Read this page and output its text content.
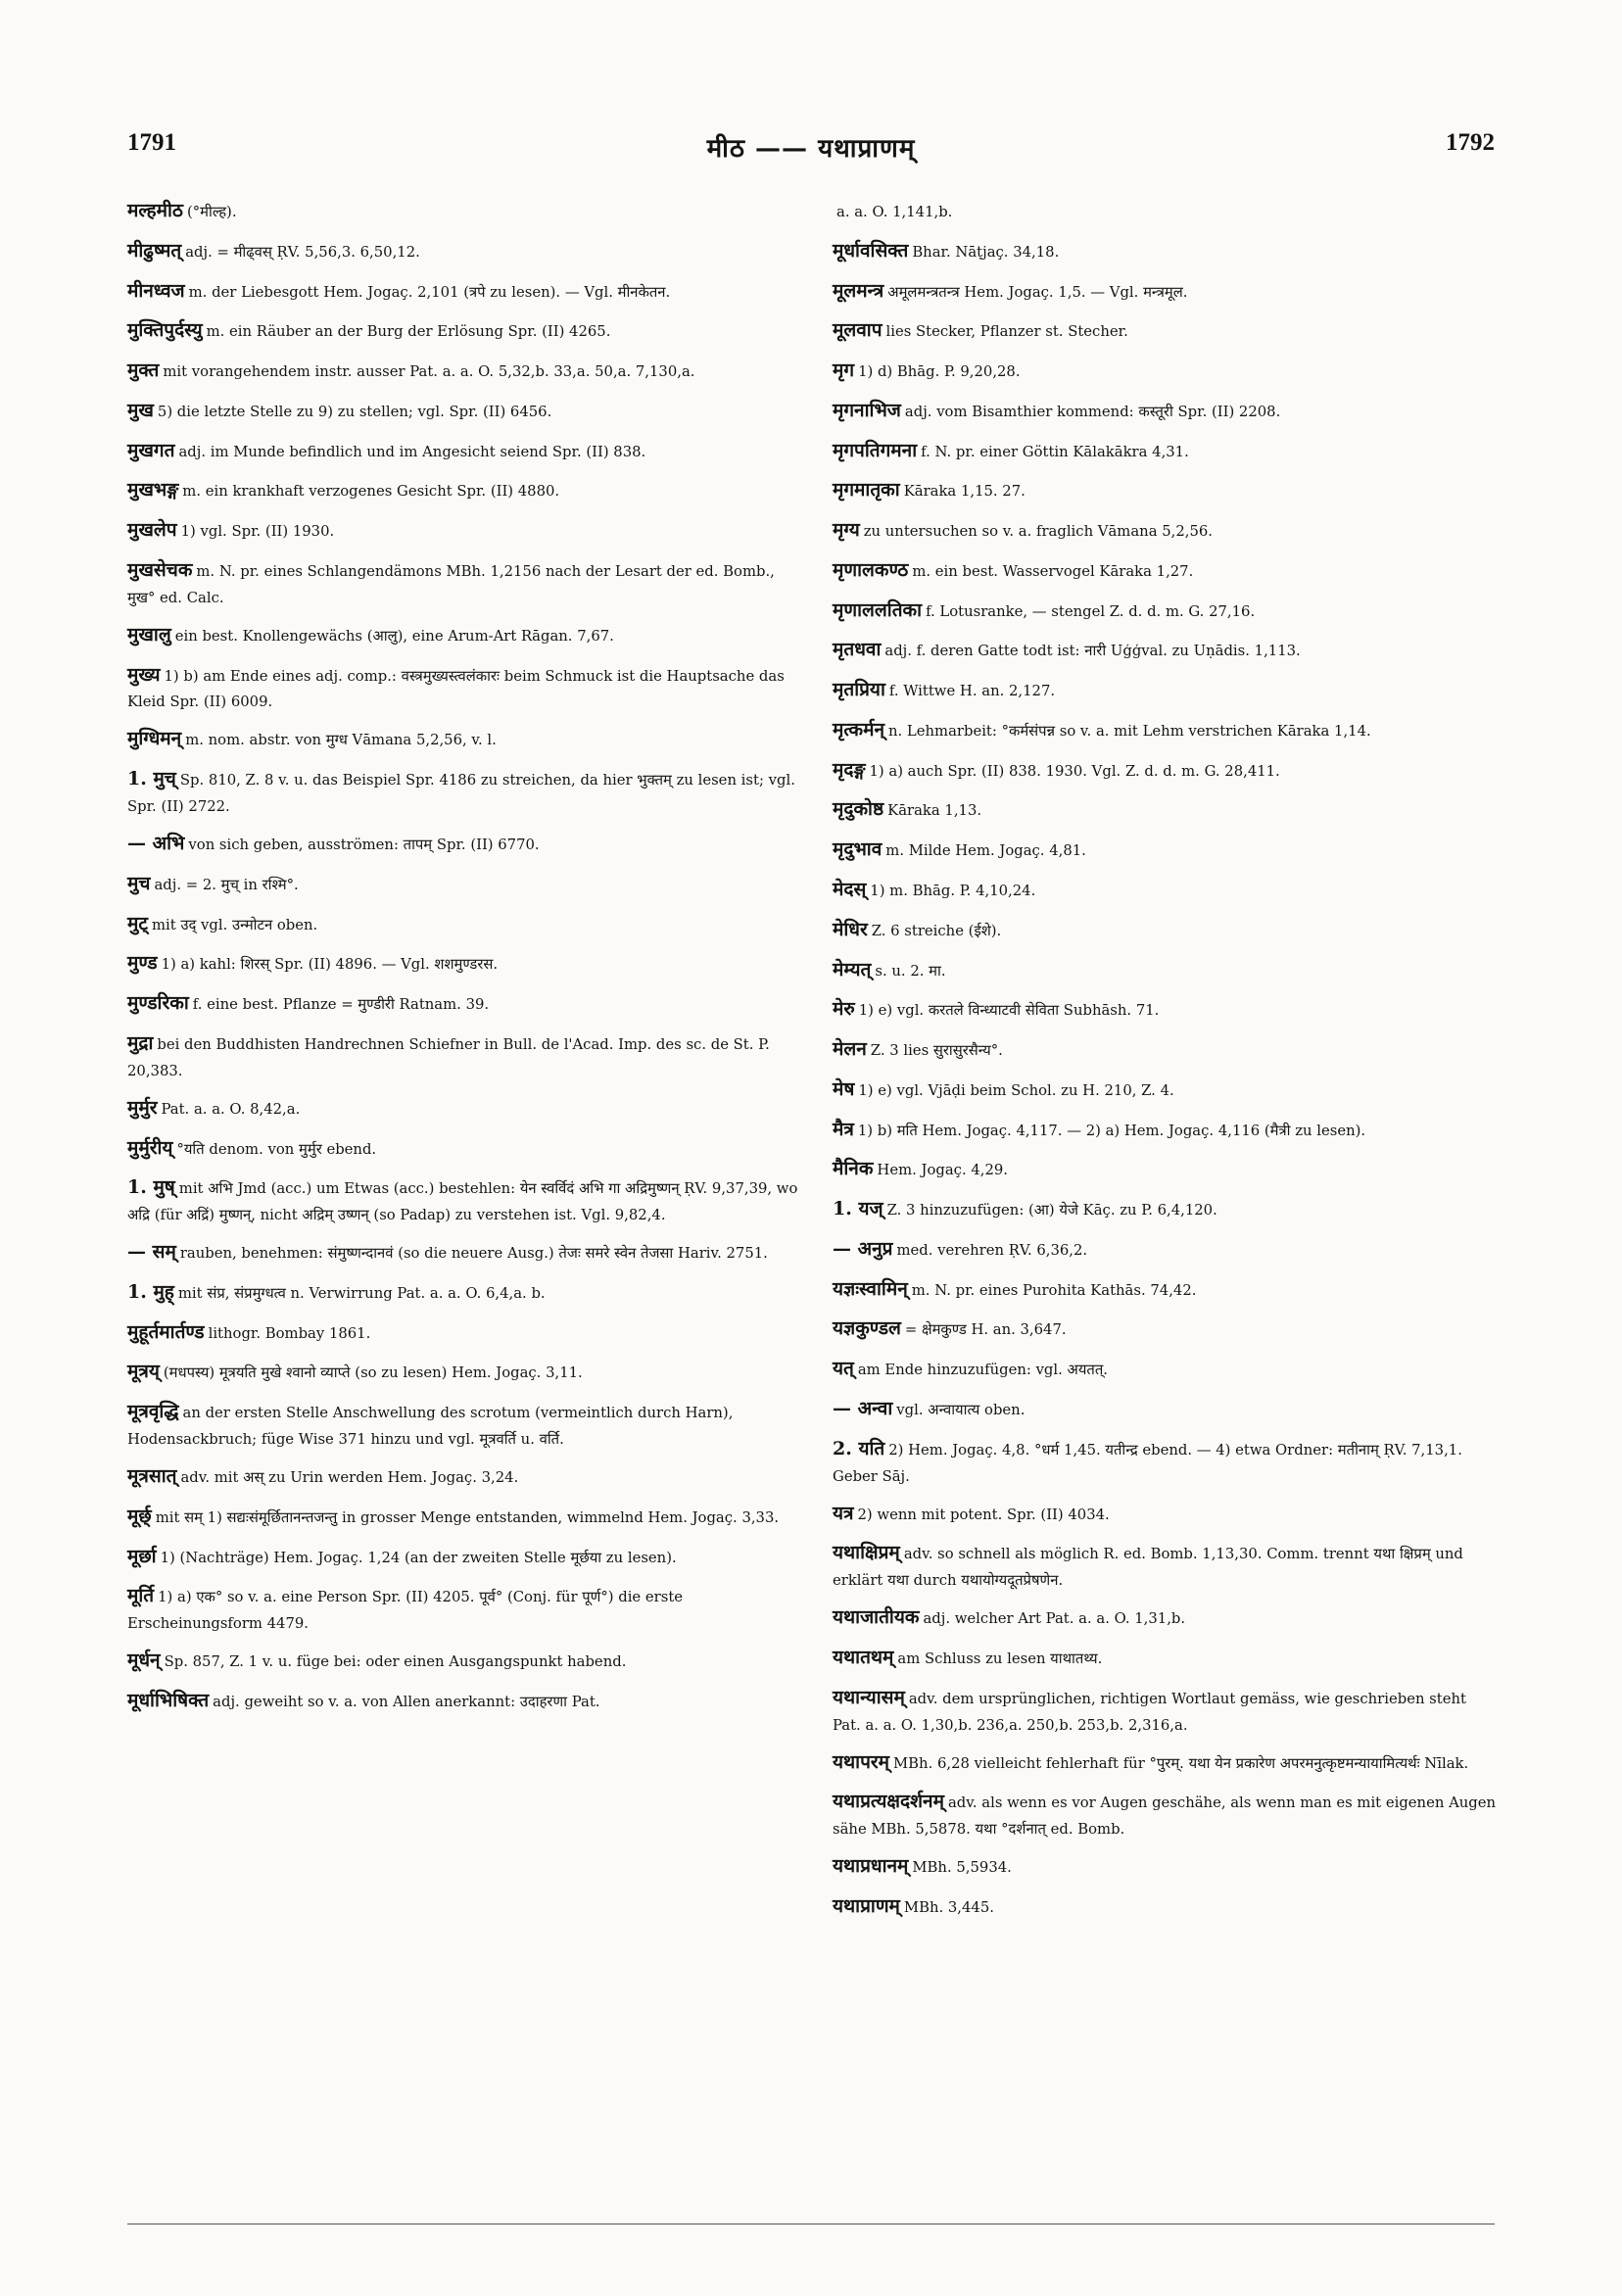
1791	मीठ —— यथाप्राणम्	1792

मल्हमीठ (°मील्ह).

मीढुष्मत् adj. = मीढ्वस् ṚV. 5,56,3. 6,50,12.

मीनध्वज m. der Liebesgott Hem. Jogaç. 2,101 (त्रपे zu lesen). — Vgl. मीनकेतन.

मुक्तिपुर्दस्यु m. ein Räuber an der Burg der Erlösung Spr. (II) 4265.

मुक्त mit vorangehendem instr. ausser Pat. a. a. O. 5,32,b. 33,a. 50,a. 7,130,a.

मुख 5) die letzte Stelle zu 9) zu stellen; vgl. Spr. (II) 6456.

मुखगत adj. im Munde befindlich und im Angesicht seiend Spr. (II) 838.

मुखभङ्ग m. ein krankhaft verzogenes Gesicht Spr. (II) 4880.

मुखलेप 1) vgl. Spr. (II) 1930.

मुखसेचक m. N. pr. eines Schlangendämons MBh. 1,2156 nach der Lesart der ed. Bomb., मुख° ed. Calc.

मुखालु ein best. Knollengewächs (आलु), eine Arum-Art Rāgan. 7,67.

मुख्य 1) b) am Ende eines adj. comp.: वस्त्रमुख्यस्त्वलंकारः beim Schmuck ist die Hauptsache das Kleid Spr. (II) 6009.

मुग्धिमन् m. nom. abstr. von मुग्ध Vāmana 5,2,56, v. l.

1. मुच् Sp. 810, Z. 8 v. u. das Beispiel Spr. 4186 zu streichen, da hier भुक्तम् zu lesen ist; vgl. Spr. (II) 2722.

— अभि von sich geben, ausströmen: तापम् Spr. (II) 6770.

मुच adj. = 2. मुच् in रश्मि°.

मुट् mit उद् vgl. उन्मोटन oben.

मुण्ड 1) a) kahl: शिरस् Spr. (II) 4896. — Vgl. शशमुण्डरस.

मुण्डरिका f. eine best. Pflanze = मुण्डीरी Ratnam. 39.

मुद्रा bei den Buddhisten Handrechnen Schiefner in Bull. de l'Acad. Imp. des sc. de St. P. 20,383.

मुर्मुर Pat. a. a. O. 8,42,a.

मुर्मुरीय् °यति denom. von मुर्मुर ebend.

1. मुष् mit अभि Jmd (acc.) um Etwas (acc.) bestehlen: येन स्वर्विदं अभि गा अद्रिमुष्णन् ṚV. 9,37,39, wo अद्रि (für अद्रिं) मुष्णन्, nicht अद्रिम् उष्णन् (so Padap) zu verstehen ist. Vgl. 9,82,4.

— सम् rauben, benehmen: संमुष्णन्दानवं (so die neuere Ausg.) तेजः समरे स्वेन तेजसा Hariv. 2751.

1. मुह् mit संप्र, संप्रमुग्धत्व n. Verwirrung Pat. a. a. O. 6,4,a. b.

मुहूर्तमार्तण्ड lithogr. Bombay 1861.

मूत्रय् (मधपस्य) मूत्रयति मुखे श्वानो व्याप्ते (so zu lesen) Hem. Jogaç. 3,11.

मूत्रवृद्धि an der ersten Stelle Anschwellung des scrotum (vermeintlich durch Harn), Hodensackbruch; füge Wise 371 hinzu und vgl. मूत्रवर्ति u. वर्ति.

मूत्रसात् adv. mit अस् zu Urin werden Hem. Jogaç. 3,24.

मूर्छ् mit सम् 1) सद्यःसंमूर्छितानन्तजन्तु in grosser Menge entstanden, wimmelnd Hem. Jogaç. 3,33.

मूर्छा 1) (Nachträge) Hem. Jogaç. 1,24 (an der zweiten Stelle मूर्छया zu lesen).

मूर्ति 1) a) एक° so v. a. eine Person Spr. (II) 4205. पूर्व° (Conj. für पूर्ण°) die erste Erscheinungsform 4479.

मूर्धन् Sp. 857, Z. 1 v. u. füge bei: oder einen Ausgangspunkt habend.

मूर्धाभिषिक्त adj. geweiht so v. a. von Allen anerkannt: उदाहरणा Pat.

a. a. O. 1,141,b.

मूर्धावसिक्त Bhar. Nāṭjaç. 34,18.

मूलमन्त्र अमूलमन्त्रतन्त्र Hem. Jogaç. 1,5. — Vgl. मन्त्रमूल.

मूलवाप lies Stecker, Pflanzer st. Stecher.

मृग 1) d) Bhāg. P. 9,20,28.

मृगनाभिज adj. vom Bisamthier kommend: कस्तूरी Spr. (II) 2208.

मृगपतिगमना f. N. pr. einer Göttin Kālakākra 4,31.

मृगमातृका Kāraka 1,15. 27.

मृग्य zu untersuchen so v. a. fraglich Vāmana 5,2,56.

मृणालकण्ठ m. ein best. Wasservogel Kāraka 1,27.

मृणाललतिका f. Lotusranke, — stengel Z. d. d. m. G. 27,16.

मृतधवा adj. f. deren Gatte todt ist: नारी Uģģval. zu Uṇādis. 1,113.

मृतप्रिया f. Wittwe H. an. 2,127.

मृत्कर्मन् n. Lehmarbeit: °कर्मसंपन्न so v. a. mit Lehm verstrichen Kāraka 1,14.

मृदङ्ग 1) a) auch Spr. (II) 838. 1930. Vgl. Z. d. d. m. G. 28,411.

मृदुकोष्ठ Kāraka 1,13.

मृदुभाव m. Milde Hem. Jogaç. 4,81.

मेदस् 1) m. Bhāg. P. 4,10,24.

मेधिर Z. 6 streiche (ईशे).

मेम्यत् s. u. 2. मा.

मेरु 1) e) vgl. करतले विन्ध्याटवी सेविता Subhāsh. 71.

मेलन Z. 3 lies सुरासुरसैन्य°.

मेष 1) e) vgl. Vjāḍi beim Schol. zu H. 210, Z. 4.

मैत्र 1) b) मति Hem. Jogaç. 4,117. — 2) a) Hem. Jogaç. 4,116 (मैत्री zu lesen).

मैनिक Hem. Jogaç. 4,29.

1. यज् Z. 3 hinzuzufügen: (आ) येजे Kāç. zu P. 6,4,120.

— अनुप्र med. verehren ṚV. 6,36,2.

यज्ञःस्वामिन् m. N. pr. eines Purohita Kathās. 74,42.

यज्ञकुण्डल = क्षेमकुण्ड H. an. 3,647.

यत् am Ende hinzuzufügen: vgl. अयतत्.

— अन्वा vgl. अन्वायात्य oben.

2. यति 2) Hem. Jogaç. 4,8. °धर्म 1,45. यतीन्द्र ebend. — 4) etwa Ordner: मतीनाम् ṚV. 7,13,1. Geber Sāj.

यत्र 2) wenn mit potent. Spr. (II) 4034.

यथाक्षिप्रम् adv. so schnell als möglich R. ed. Bomb. 1,13,30. Comm. trennt यथा क्षिप्रम् und erklärt यथा durch यथायोग्यदूतप्रेषणेन.

यथाजातीयक adj. welcher Art Pat. a. a. O. 1,31,b.

यथातथम् am Schluss zu lesen याथातथ्य.

यथान्यासम् adv. dem ursprünglichen, richtigen Wortlaut gemäss, wie geschrieben steht Pat. a. a. O. 1,30,b. 236,a. 250,b. 253,b. 2,316,a.

यथापरम् MBh. 6,28 vielleicht fehlerhaft für °पुरम्. यथा येन प्रकारेण अपरमनुत्कृष्टमन्यायामित्यर्थः Nīlak.

यथाप्रत्यक्षदर्शनम् adv. als wenn es vor Augen geschähe, als wenn man es mit eigenen Augen sähe MBh. 5,5878. यथा °दर्शनात् ed. Bomb.

यथाप्रधानम् MBh. 5,5934.

यथाप्राणम् MBh. 3,445.
